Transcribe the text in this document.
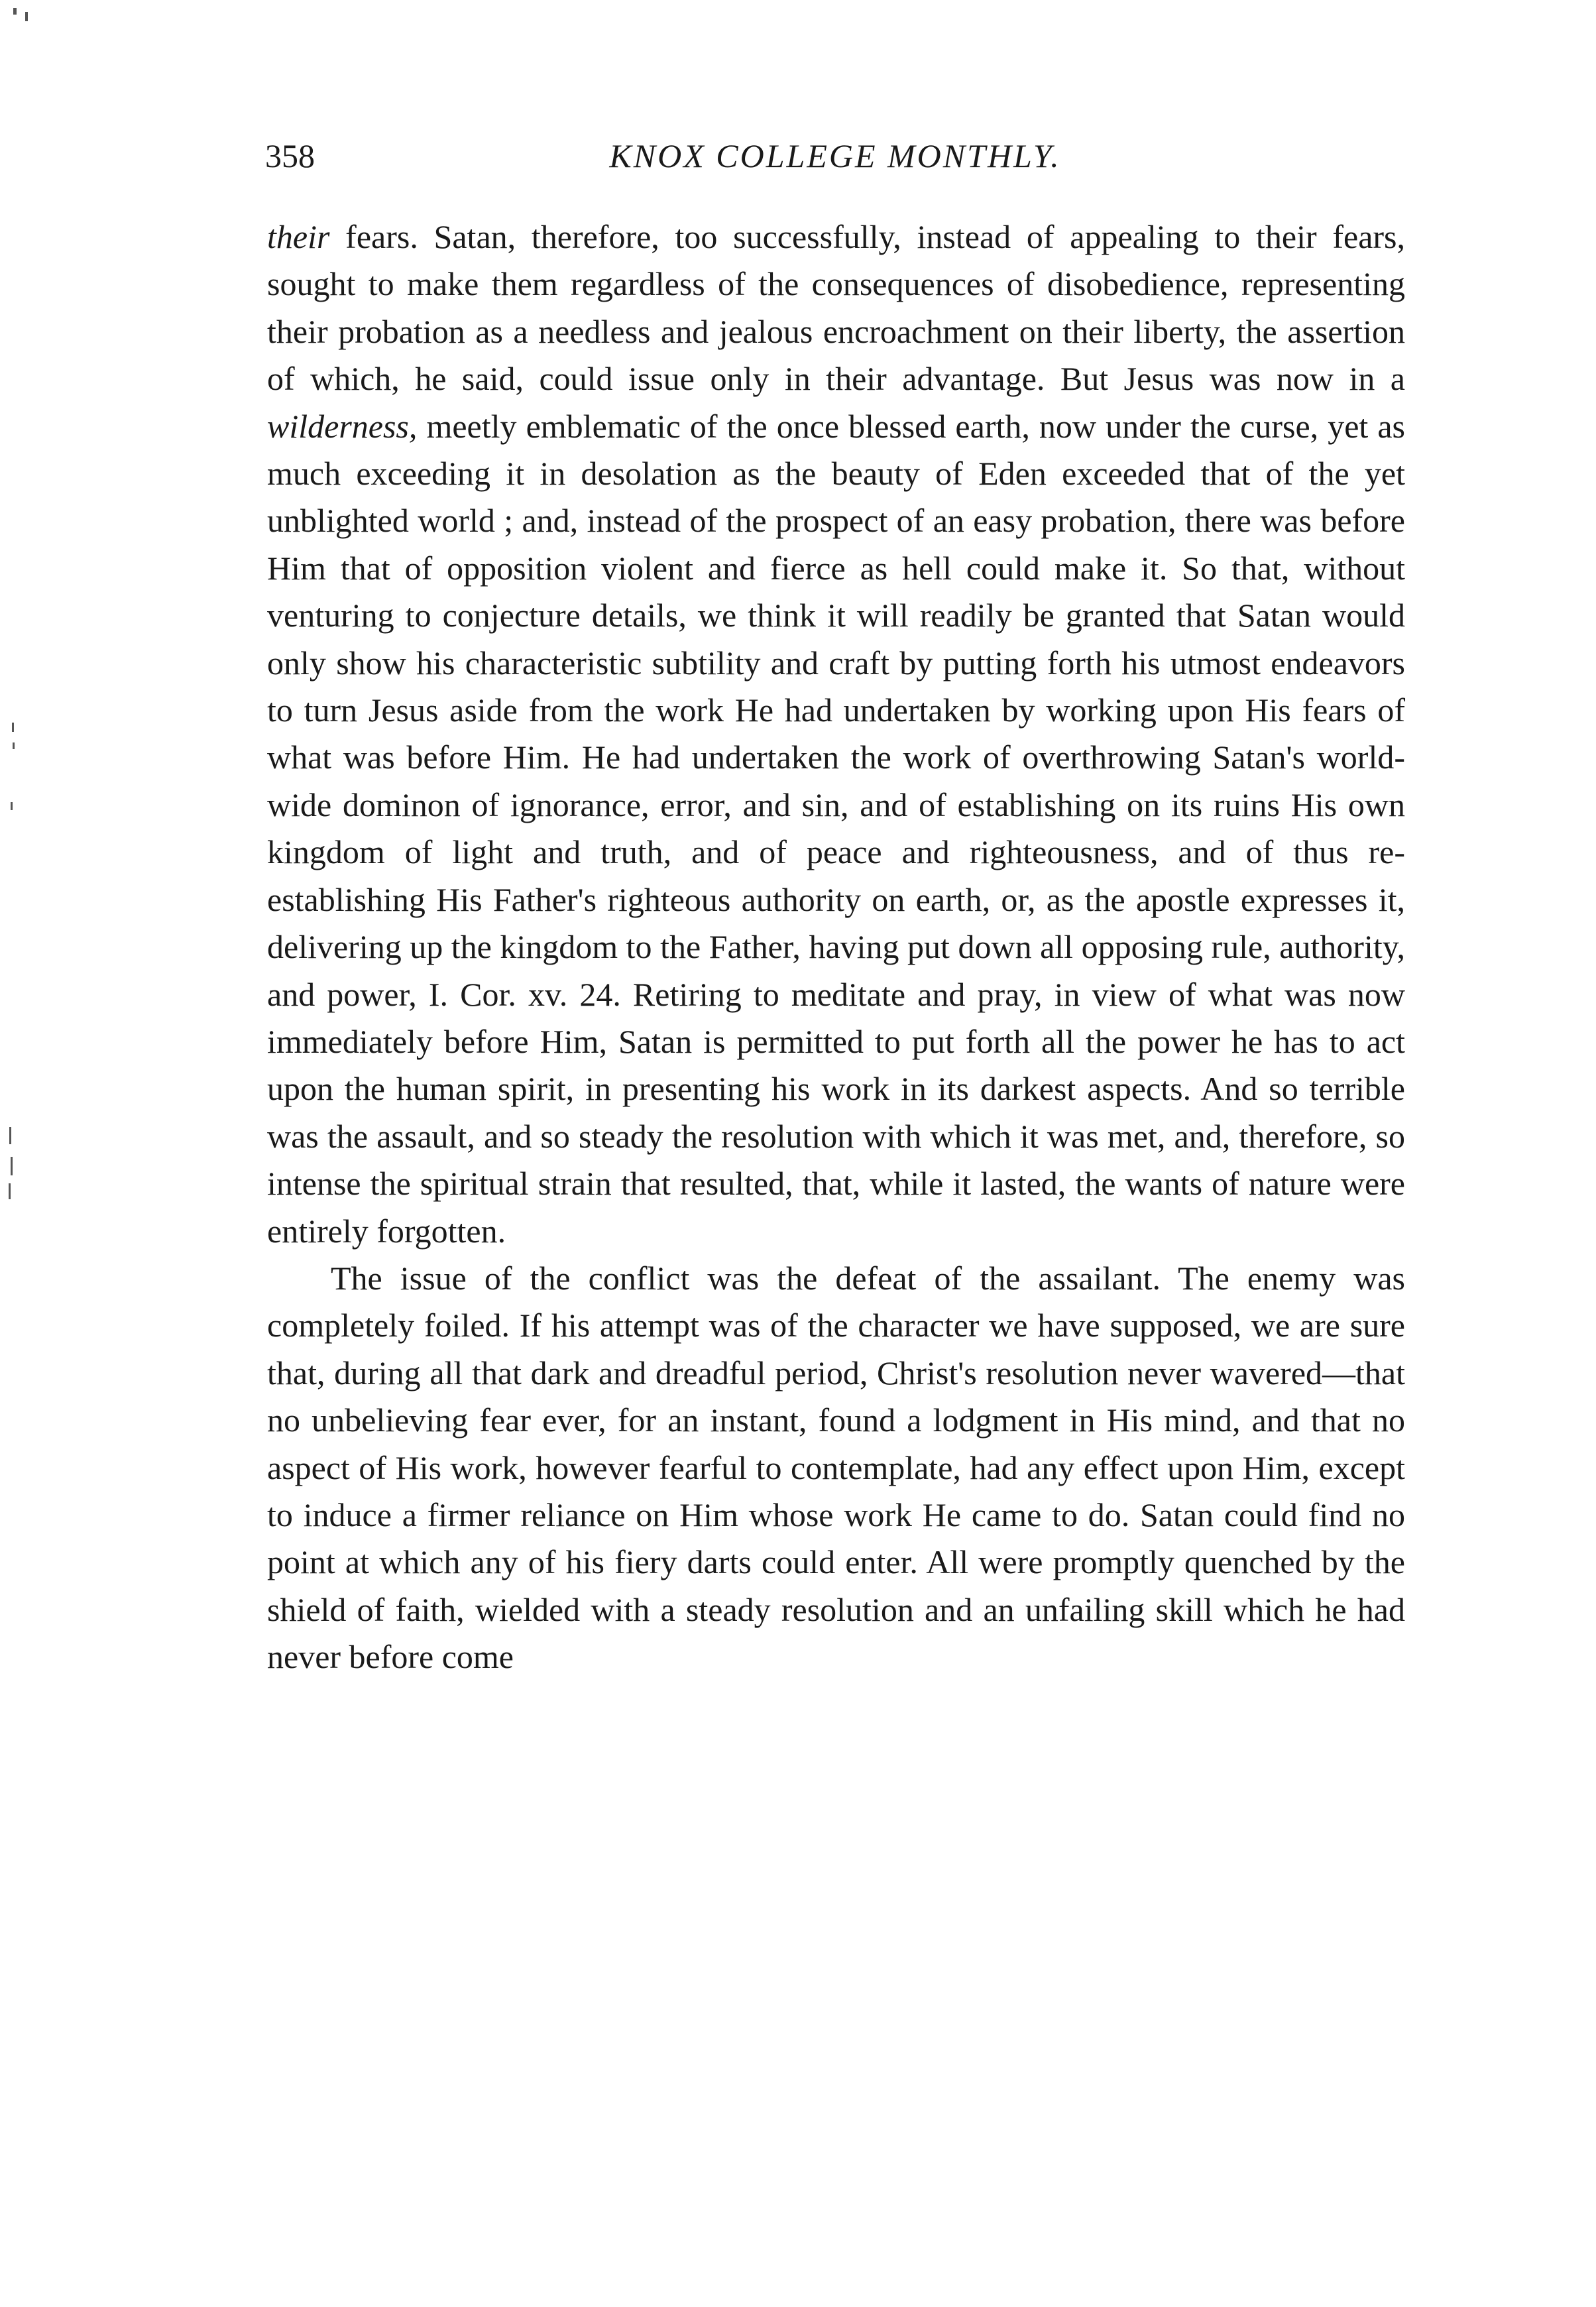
KNOX COLLEGE MONTHLY.
358

their fears. Satan, therefore, too successfully, instead of appealing to their fears, sought to make them regardless of the consequences of disobedience, representing their probation as a needless and jealous encroachment on their liberty, the assertion of which, he said, could issue only in their advantage. But Jesus was now in a wilderness, meetly emblematic of the once blessed earth, now under the curse, yet as much exceeding it in desolation as the beauty of Eden exceeded that of the yet unblighted world ; and, instead of the prospect of an easy probation, there was before Him that of opposition violent and fierce as hell could make it. So that, without venturing to conjecture details, we think it will readily be granted that Satan would only show his characteristic subtility and craft by putting forth his utmost endeavors to turn Jesus aside from the work He had undertaken by working upon His fears of what was before Him. He had undertaken the work of overthrowing Satan's world-wide dominon of ignorance, error, and sin, and of establishing on its ruins His own kingdom of light and truth, and of peace and righteousness, and of thus re-establishing His Father's righteous authority on earth, or, as the apostle expresses it, delivering up the kingdom to the Father, having put down all opposing rule, authority, and power, I. Cor. xv. 24. Retiring to meditate and pray, in view of what was now immediately before Him, Satan is permitted to put forth all the power he has to act upon the human spirit, in presenting his work in its darkest aspects. And so terrible was the assault, and so steady the resolution with which it was met, and, therefore, so intense the spiritual strain that resulted, that, while it lasted, the wants of nature were entirely forgotten.

The issue of the conflict was the defeat of the assailant. The enemy was completely foiled. If his attempt was of the character we have supposed, we are sure that, during all that dark and dreadful period, Christ's resolution never wavered—that no unbelieving fear ever, for an instant, found a lodgment in His mind, and that no aspect of His work, however fearful to contemplate, had any effect upon Him, except to induce a firmer reliance on Him whose work He came to do. Satan could find no point at which any of his fiery darts could enter. All were promptly quenched by the shield of faith, wielded with a steady resolution and an unfailing skill which he had never before come
